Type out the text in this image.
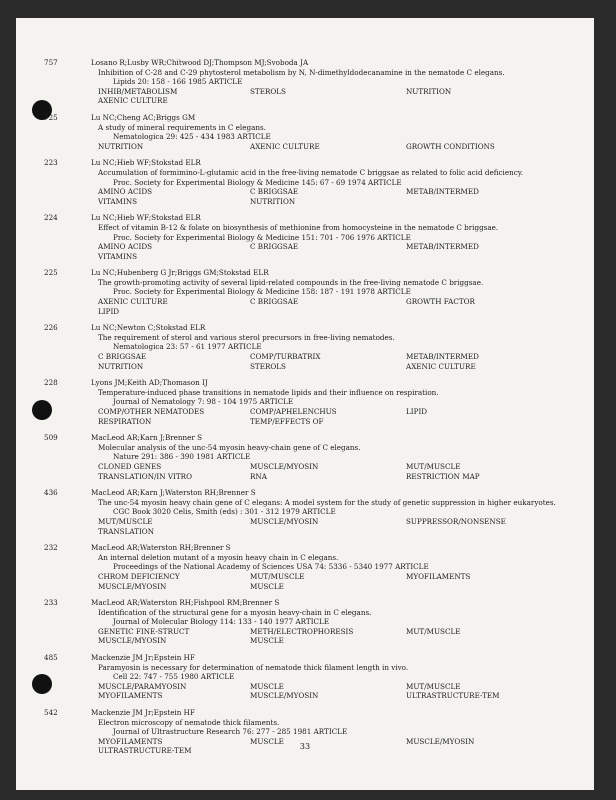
757	Losano R;Lusby WR;Chitwood DJ;Thompson MJ;Svoboda JA
Inhibition of C-28 and C-29 phytosterol metabolism by N, N-dimethyldodecanamine in the nematode C elegans.
Lipids 20: 158 - 166 1985 ARTICLE
INHIB/METABOLISM	STEROLS	NUTRITION
AXENIC CULTURE
725	Lu NC;Cheng AC;Briggs GM
A study of mineral requirements in C elegans.
Nematologica 29: 425 - 434 1983 ARTICLE
NUTRITION	AXENIC CULTURE	GROWTH CONDITIONS
223	Lu NC;Hieb WF;Stokstad ELR
Accumulation of formimino-L-glutamic acid in the free-living nematode C briggsae as related to folic acid deficiency.
Proc. Society for Experimental Biology & Medicine 145: 67 - 69 1974 ARTICLE
AMINO ACIDS	C BRIGGSAE	METAB/INTERMED
VITAMINS	NUTRITION
224	Lu NC;Hieb WF;Stokstad ELR
Effect of vitamin B-12 & folate on biosynthesis of methionine from homocysteine in the nematode C briggsae.
Proc. Society for Experimental Biology & Medicine 151: 701 - 706 1976 ARTICLE
AMINO ACIDS	C BRIGGSAE	METAB/INTERMED
VITAMINS
225	Lu NC;Hubenberg G Jr;Briggs GM;Stokstad ELR
The growth-promoting activity of several lipid-related compounds in the free-living nematode C briggsae.
Proc. Society for Experimental Biology & Medicine 158: 187 - 191 1978 ARTICLE
AXENIC CULTURE	C BRIGGSAE	GROWTH FACTOR
LIPID
226	Lu NC;Newton C;Stokstad ELR
The requirement of sterol and various sterol precursors in free-living nematodes.
Nematologica 23: 57 - 61 1977 ARTICLE
C BRIGGSAE	COMP/TURBATRIX	METAB/INTERMED
NUTRITION	STEROLS	AXENIC CULTURE
228	Lyons JM;Keith AD;Thomason IJ
Temperature-induced phase transitions in nematode lipids and their influence on respiration.
Journal of Nematology 7: 98 - 104 1975 ARTICLE
COMP/OTHER NEMATODES	COMP/APHELENCHUS	LIPID
RESPIRATION	TEMP/EFFECTS OF
509	MacLeod AR;Karn J;Brenner S
Molecular analysis of the unc-54 myosin heavy-chain gene of C elegans.
Nature 291: 386 - 390 1981 ARTICLE
CLONED GENES	MUSCLE/MYOSIN	MUT/MUSCLE
TRANSLATION/IN VITRO	RNA	RESTRICTION MAP
436	MacLeod AR;Karn J;Waterston RH;Brenner S
The unc-54 myosin heavy chain gene of C elegans: A model system for the study of genetic suppression in higher eukaryotes.
CGC Book 3020 Celis, Smith (eds) : 301 - 312 1979 ARTICLE
MUT/MUSCLE	MUSCLE/MYOSIN	SUPPRESSOR/NONSENSE
TRANSLATION
232	MacLeod AR;Waterston RH;Brenner S
An internal deletion mutant of a myosin heavy chain in C elegans.
Proceedings of the National Academy of Sciences USA 74: 5336 - 5340 1977 ARTICLE
CHROM DEFICIENCY	MUT/MUSCLE	MYOFILAMENTS
MUSCLE/MYOSIN	MUSCLE
233	MacLeod AR;Waterston RH;Fishpool RM;Brenner S
Identification of the structural gene for a myosin heavy-chain in C elegans.
Journal of Molecular Biology 114: 133 - 140 1977 ARTICLE
GENETIC FINE-STRUCT	METH/ELECTROPHORESIS	MUT/MUSCLE
MUSCLE/MYOSIN	MUSCLE
485	Mackenzie JM Jr;Epstein HF
Paramyosin is necessary for determination of nematode thick filament length in vivo.
Cell 22: 747 - 755 1980 ARTICLE
MUSCLE/PARAMYOSIN	MUSCLE	MUT/MUSCLE
MYOFILAMENTS	MUSCLE/MYOSIN	ULTRASTRUCTURE-TEM
542	Mackenzie JM Jr;Epstein HF
Electron microscopy of nematode thick filaments.
Journal of Ultrastructure Research 76: 277 - 285 1981 ARTICLE
MYOFILAMENTS	MUSCLE	MUSCLE/MYOSIN
ULTRASTRUCTURE-TEM	33
